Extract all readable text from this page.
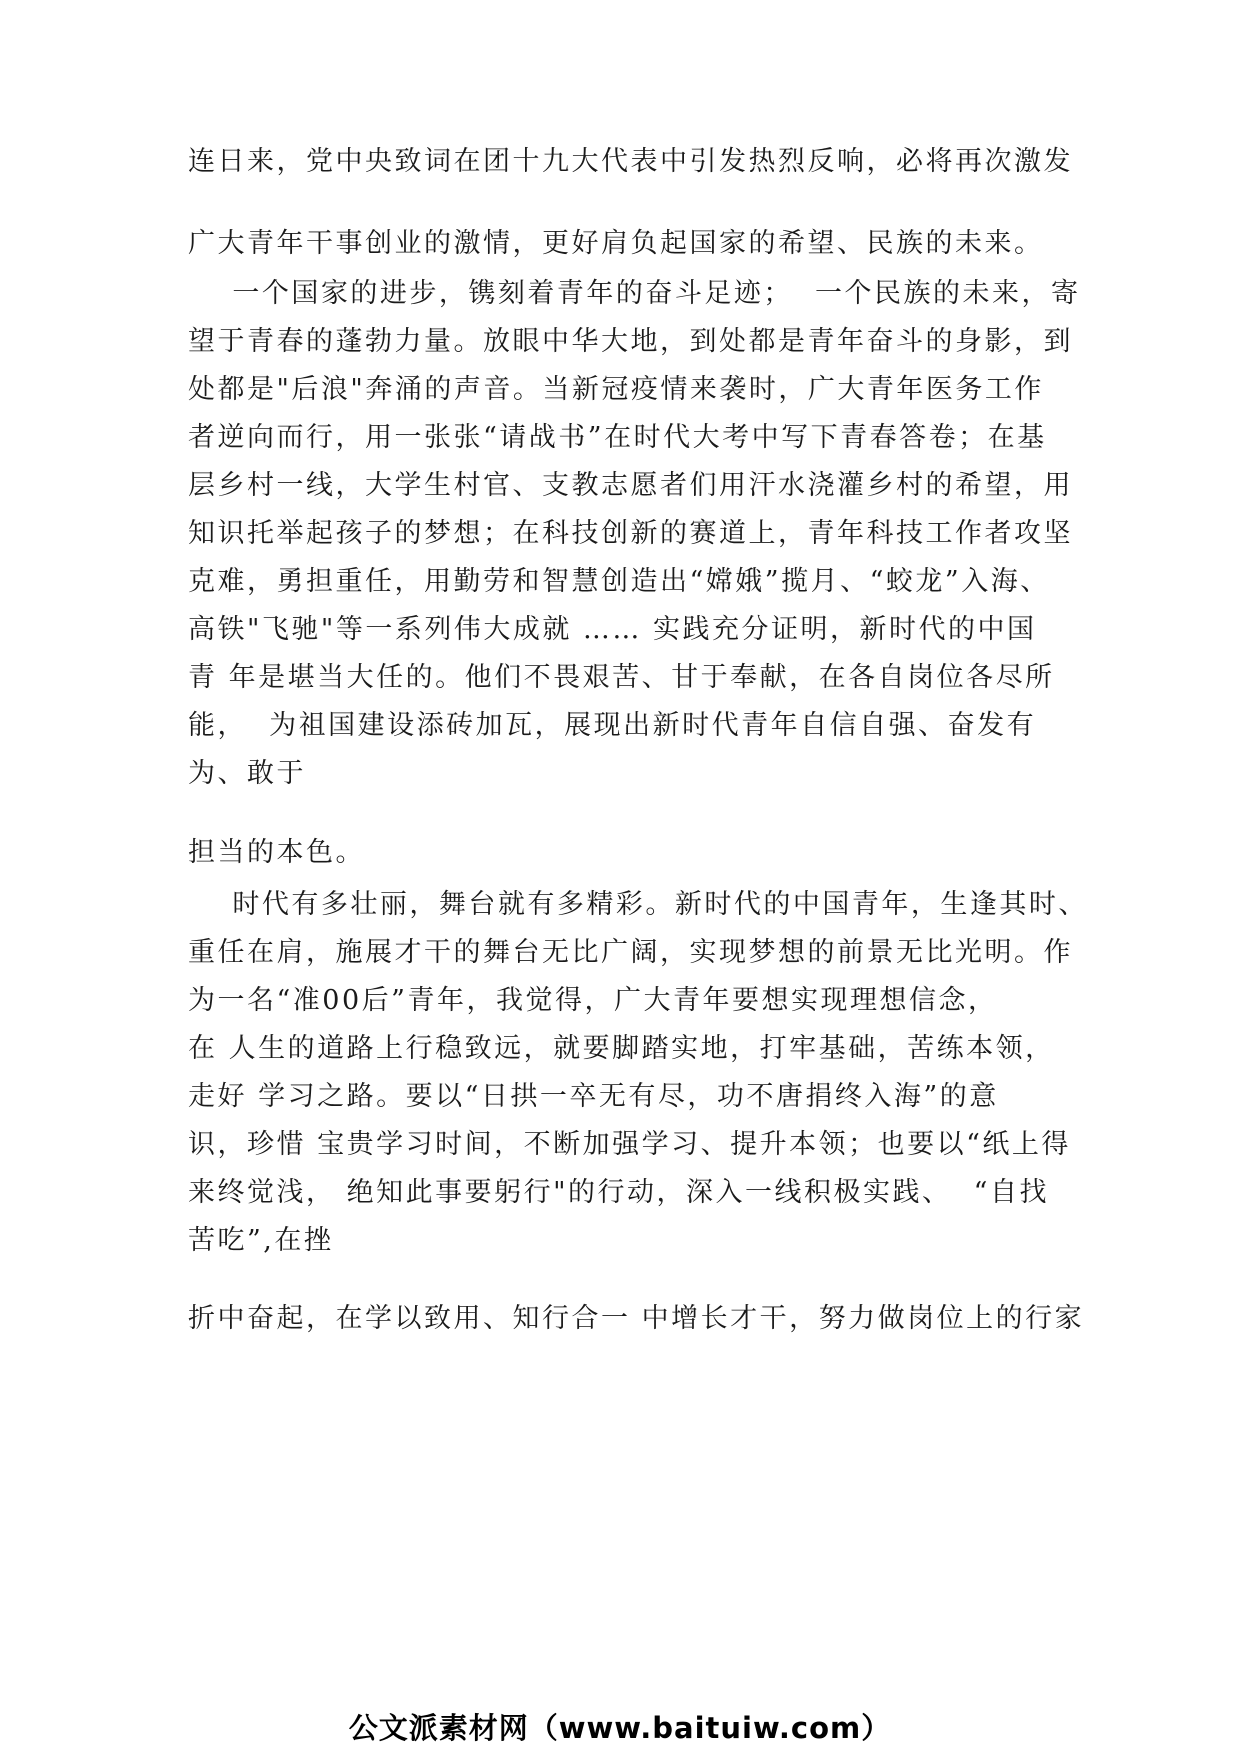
连日来，党中央致词在团十九大代表中引发热烈反响，必将再次激发
广大青年干事创业的激情，更好肩负起国家的希望、民族的未来。
一个国家的进步，镌刻着青年的奋斗足迹；  一个民族的未来，寄
望于青春的蓬勃力量。放眼中华大地，到处都是青年奋斗的身影，到
处都是"后浪"奔涌的声音。当新冠疫情来袭时，广大青年医务工作
者逆向而行，用一张张“请战书”在时代大考中写下青春答卷；在基
层乡村一线，大学生村官、支教志愿者们用汗水浇灌乡村的希望，用
知识托举起孩子的梦想；在科技创新的赛道上，青年科技工作者攻坚
克难，勇担重任，用勤劳和智慧创造出“嫦娥”揽月、“蛟龙”入海、
高铁"飞驰"等一系列伟大成就 …… 实践充分证明，新时代的中国
青 年是堪当大任的。他们不畏艰苦、甘于奉献，在各自岗位各尽所
能，  为祖国建设添砖加瓦，展现出新时代青年自信自强、奋发有
为、敢于
担当的本色。
时代有多壮丽，舞台就有多精彩。新时代的中国青年，生逢其时、
重任在肩，施展才干的舞台无比广阔，实现梦想的前景无比光明。作
为一名“准00后”青年，我觉得，广大青年要想实现理想信念，
在 人生的道路上行稳致远，就要脚踏实地，打牢基础，苦练本领，
走好 学习之路。要以“日拱一卒无有尽，功不唐捐终入海”的意
识，珍惜 宝贵学习时间，不断加强学习、提升本领；也要以“纸上得
来终觉浅， 绝知此事要躬行"的行动，深入一线积极实践、  “自找
苦吃”,在挫
折中奋起，在学以致用、知行合一 中增长才干，努力做岗位上的行家
公文派素材网（www.baituiw.com）
